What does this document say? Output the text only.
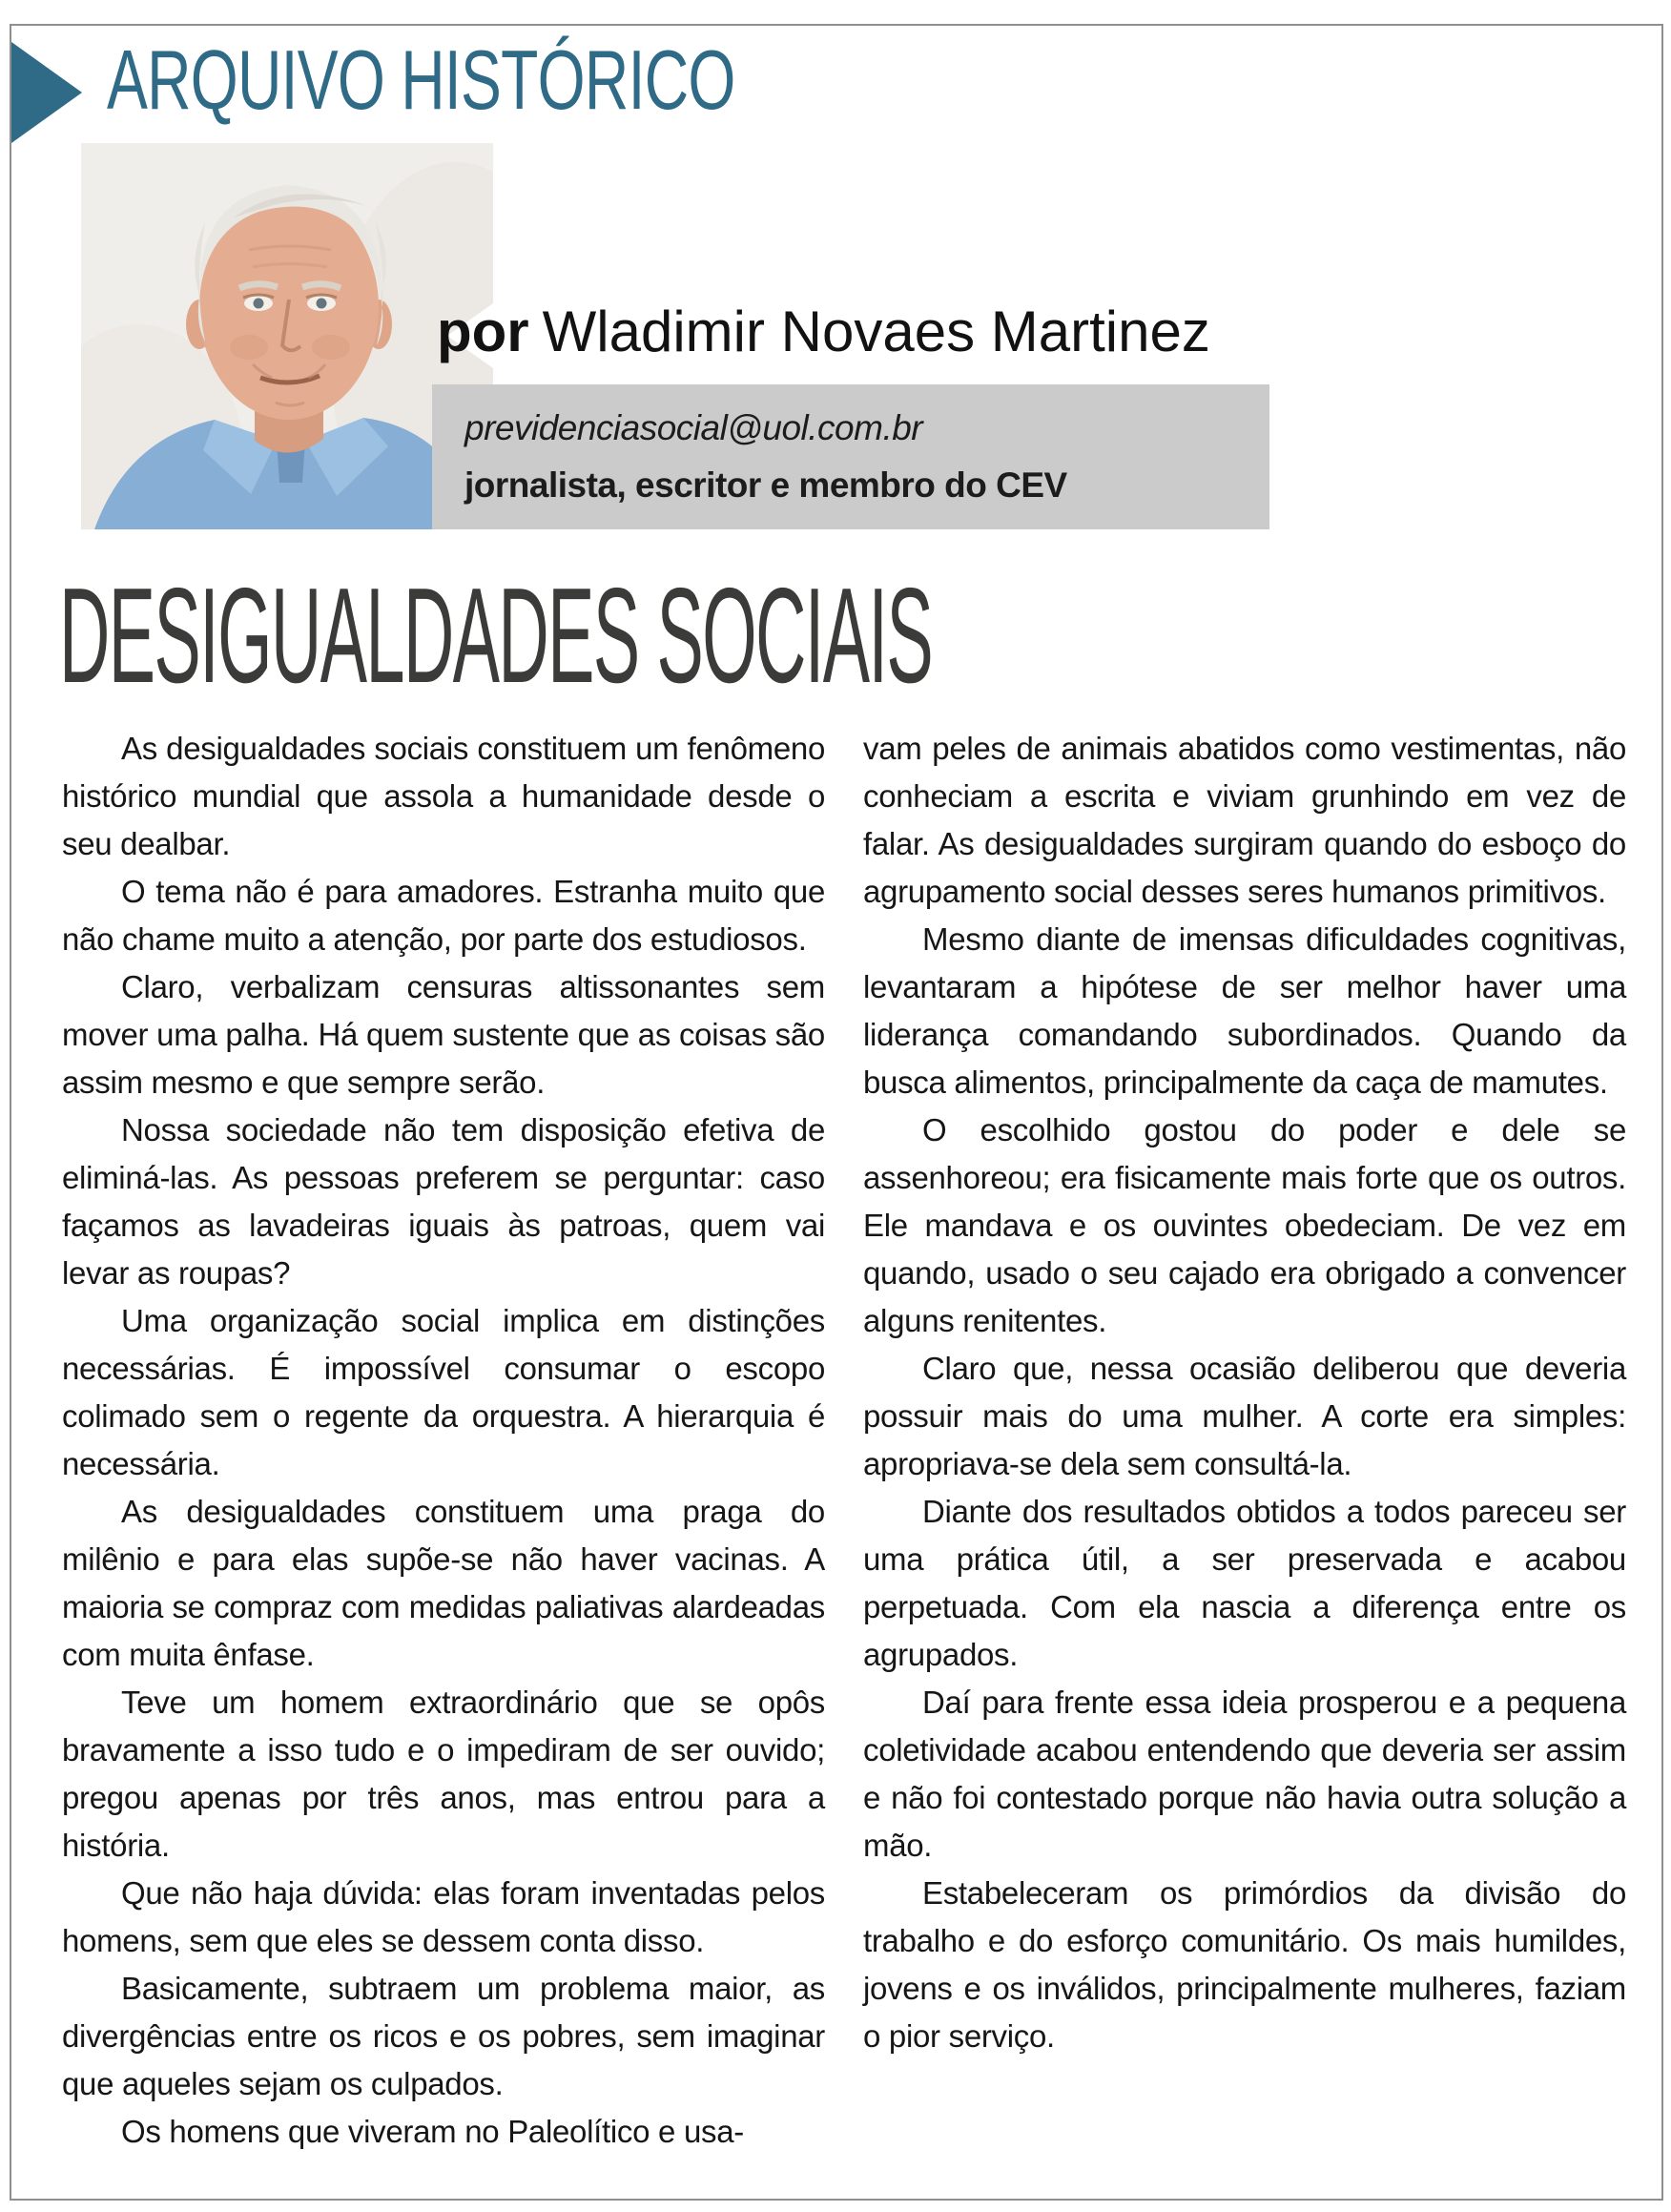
ARQUIVO HISTÓRICO
por Wladimir Novaes Martinez
previdenciasocial@uol.com.br
jornalista, escritor e membro do CEV
DESIGUALDADES SOCIAIS

As desigualdades sociais constituem um fenômeno histórico mundial que assola a humanidade desde o seu dealbar.

O tema não é para amadores. Estranha muito que não chame muito a atenção, por parte dos estudiosos.

Claro, verbalizam censuras altissonantes sem mover uma palha. Há quem sustente que as coisas são assim mesmo e que sempre serão.

Nossa sociedade não tem disposição efetiva de eliminá-las. As pessoas preferem se perguntar: caso façamos as lavadeiras iguais às patroas, quem vai levar as roupas?

Uma organização social implica em distinções necessárias. É impossível consumar o escopo colimado sem o regente da orquestra. A hierarquia é necessária.

As desigualdades constituem uma praga do milênio e para elas supõe-se não haver vacinas. A maioria se compraz com medidas paliativas alardeadas com muita ênfase.

Teve um homem extraordinário que se opôs bravamente a isso tudo e o impediram de ser ouvido; pregou apenas por três anos, mas entrou para a história.

Que não haja dúvida: elas foram inventadas pelos homens, sem que eles se dessem conta disso.

Basicamente, subtraem um problema maior, as divergências entre os ricos e os pobres, sem imaginar que aqueles sejam os culpados.

Os homens que viveram no Paleolítico e usa-

vam peles de animais abatidos como vestimentas, não conheciam a escrita e viviam grunhindo em vez de falar. As desigualdades surgiram quando do esboço do agrupamento social desses seres humanos primitivos.

Mesmo diante de imensas dificuldades cognitivas, levantaram a hipótese de ser melhor haver uma liderança comandando subordinados. Quando da busca alimentos, principalmente da caça de mamutes.

O escolhido gostou do poder e dele se assenhoreou; era fisicamente mais forte que os outros. Ele mandava e os ouvintes obedeciam. De vez em quando, usado o seu cajado era obrigado a convencer alguns renitentes.

Claro que, nessa ocasião deliberou que deveria possuir mais do uma mulher. A corte era simples: apropriava-se dela sem consultá-la.

Diante dos resultados obtidos a todos pareceu ser uma prática útil, a ser preservada e acabou perpetuada. Com ela nascia a diferença entre os agrupados.

Daí para frente essa ideia prosperou e a pequena coletividade acabou entendendo que deveria ser assim e não foi contestado porque não havia outra solução a mão.

Estabeleceram os primórdios da divisão do trabalho e do esforço comunitário. Os mais humildes, jovens e os inválidos, principalmente mulheres, faziam o pior serviço.
